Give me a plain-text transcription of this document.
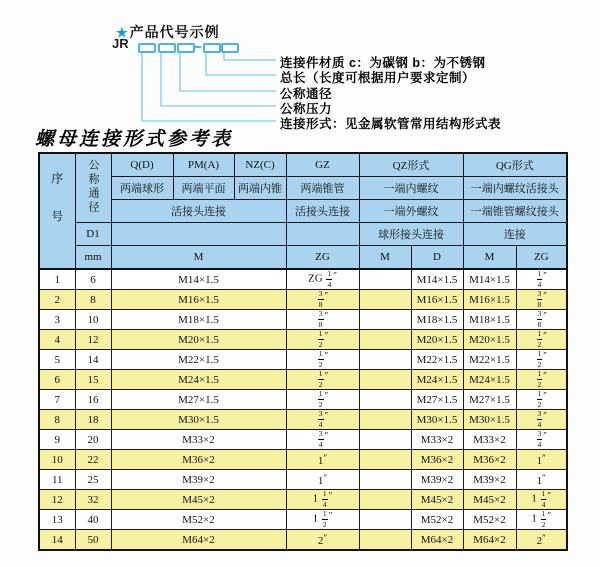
★产品代号示例
JR
连接件材质 c：为碳钢 b：为不锈钢
总长（长度可根据用户要求定制）
公称通径
公称压力
连接形式：见金属软管常用结构形式表
螺母连接形式参考表
序号	公称通径	Q(D)	PM(A)	NZ(C)	GZ	QZ形式		QG形式	
		两端球形	两端平面	两端内锥	两端锥管	一端内螺纹		一端内螺纹活接头	
		活接头连接			活接头连接	一端外螺纹		一端锥管螺纹接头	
	D1					球形接头连接		连接	
	mm	M			ZG	M	D	M	ZG
1	6	M14×1.5			ZG $\frac{1}{4} ''$		M14×1.5	M14×1.5	$\frac{1}{4} ''$
2	8	M16×1.5			$\frac{3}{8} ''$		M16×1.5	M16×1.5	$\frac{3}{8} ''$
3	10	M18×1.5			$\frac{3}{8} ''$		M18×1.5	M18×1.5	$\frac{3}{8} ''$
4	12	M20×1.5			$\frac{1}{2} ''$		M20×1.5	M20×1.5	$\frac{1}{2} ''$
5	14	M22×1.5			$\frac{1}{2} ''$		M22×1.5	M22×1.5	$\frac{1}{2} ''$
6	15	M24×1.5			$\frac{1}{2} ''$		M24×1.5	M24×1.5	$\frac{1}{2} ''$
7	16	M27×1.5			$\frac{1}{2} ''$		M27×1.5	M27×1.5	$\frac{1}{2} ''$
8	18	M30×1.5			$\frac{3}{4} ''$		M30×1.5	M30×1.5	$\frac{3}{4} ''$
9	20	M33×2			$\frac{3}{4} ''$		M33×2	M33×2	$\frac{3}{4} ''$
10	22	M36×2			1″		M36×2	M36×2	1″
11	25	M39×2			1″		M39×2	M39×2	1″
12	32	M45×2			$1 \frac{1}{4} ''$		M45×2	M45×2	$1 \frac{1}{4} ''$
13	40	M52×2			$1 \frac{1}{2} ''$		M52×2	M52×2	$1 \frac{1}{2} ''$
14	50	M64×2			2″		M64×2	M64×2	2″
